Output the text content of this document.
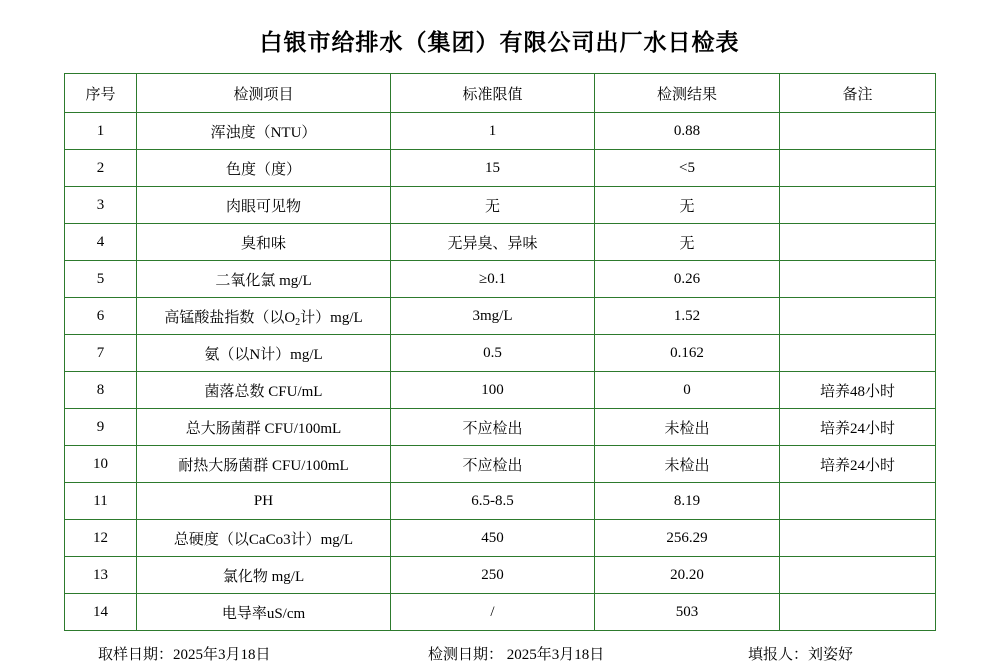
白银市给排水（集团）有限公司出厂水日检表
序号	检测项目	标准限值	检测结果	备注
1	浑浊度（NTU）	1	0.88	
2	色度（度）	15	<5	
3	肉眼可见物	无	无	
4	臭和味	无异臭、异味	无	
5	二氧化氯 mg/L	≥0.1	0.26	
6	高锰酸盐指数（以$O_2$计）mg/L	3mg/L	1.52	
7	氨（以N计）mg/L	0.5	0.162	
8	菌落总数 CFU/mL	100	0	培养48小时
9	总大肠菌群 CFU/100mL	不应检出	未检出	培养24小时
10	耐热大肠菌群 CFU/100mL	不应检出	未检出	培养24小时
11	PH	6.5-8.5	8.19	
12	总硬度（以CaCo3计）mg/L	450	256.29	
13	氯化物 mg/L	250	20.20	
14	电导率uS/cm	/	503	
取样日期：2025年3月18日	检测日期： 2025年3月18日	填报人：刘姿妤
